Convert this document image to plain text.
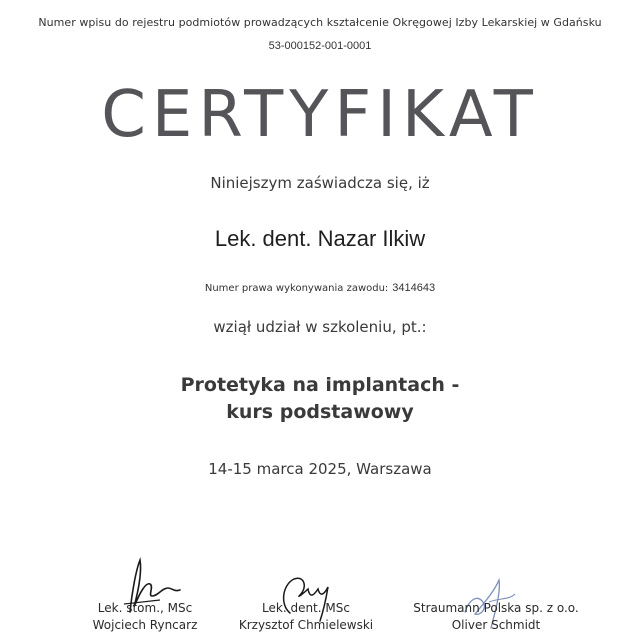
Numer wpisu do rejestru podmiotów prowadzących kształcenie Okręgowej Izby Lekarskiej w Gdańsku
53-000152-001-0001
CERTYFIKAT
Niniejszym zaświadcza się, iż
Lek. dent. Nazar Ilkiw
Numer prawa wykonywania zawodu: 3414643
wziął udział w szkoleniu, pt.:
Protetyka na implantach -
kurs podstawowy
14-15 marca 2025, Warszawa
Lek. stom., MSc
Wojciech Ryncarz
Lek. dent. MSc
Krzysztof Chmielewski
Straumann Polska sp. z o.o.
Oliver Schmidt
